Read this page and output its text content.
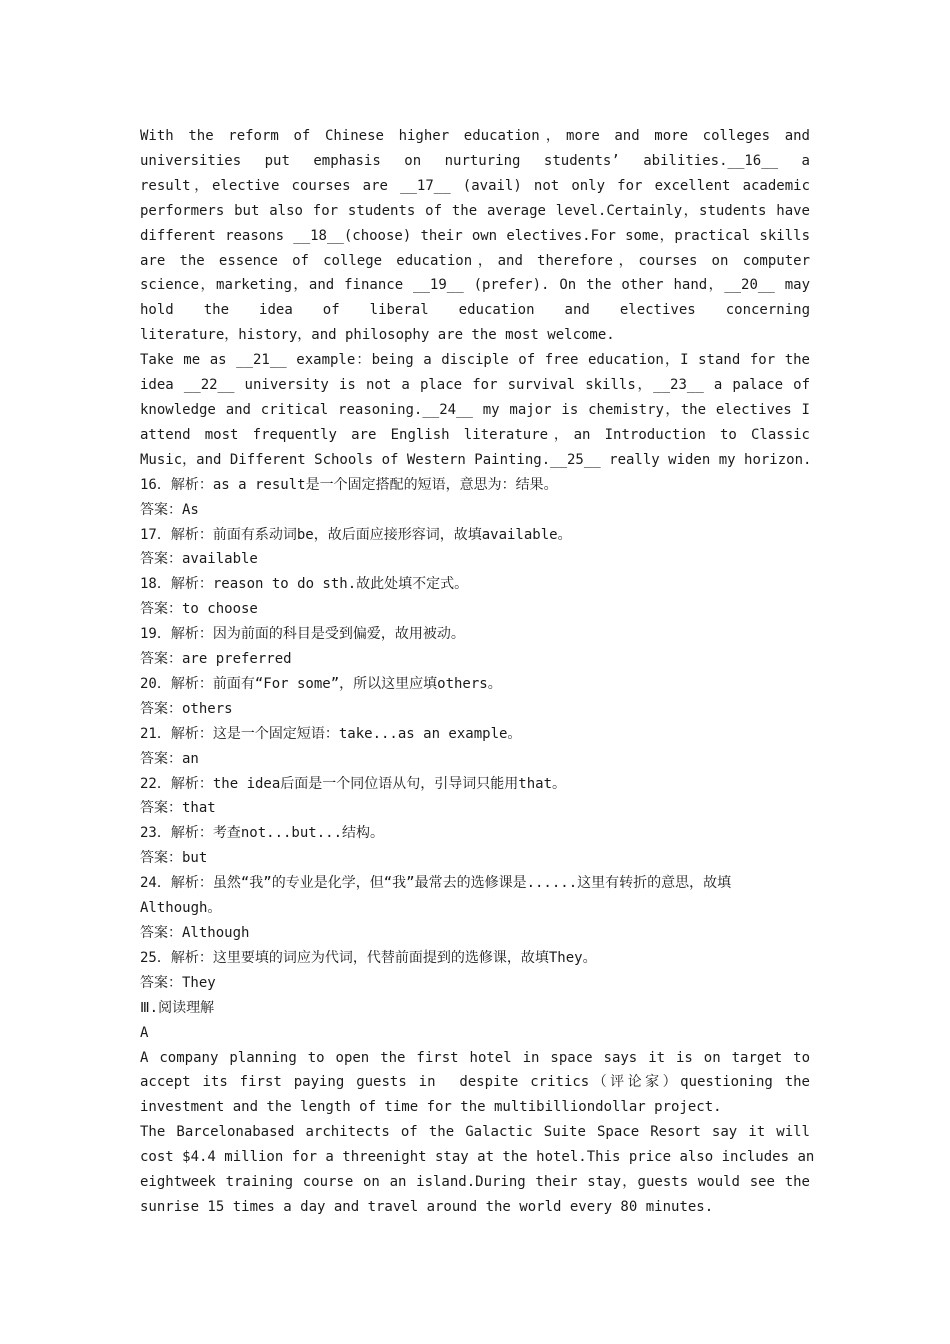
With the reform of Chinese higher education，more and more colleges and
universities put emphasis on nurturing students’ abilities.__16__ a
result，elective courses are __17__ (avail) not only for excellent academic
performers but also for students of the average level.Certainly，students have
different reasons __18__(choose) their own electives.For some，practical skills
are the essence of college education，and therefore，courses on computer
science，marketing，and finance __19__ (prefer). On the other hand，__20__ may
hold the idea of liberal education and electives concerning
literature，history，and philosophy are the most welcome.
Take me as __21__ example：being a disciple of free education，I stand for the
idea __22__ university is not a place for survival skills，__23__ a palace of
knowledge and critical reasoning.__24__ my major is chemistry，the electives I
attend most frequently are English literature，an Introduction to Classic
Music，and Different Schools of Western Painting.__25__ really widen my horizon.
16．解析：as a result是一个固定搭配的短语，意思为：结果。
答案：As
17．解析：前面有系动词be，故后面应接形容词，故填available。
答案：available
18．解析：reason to do sth.故此处填不定式。
答案：to choose
19．解析：因为前面的科目是受到偏爱，故用被动。
答案：are preferred
20．解析：前面有“For some”，所以这里应填others。
答案：others
21．解析：这是一个固定短语：take...as an example。
答案：an
22．解析：the idea后面是一个同位语从句，引导词只能用that。
答案：that
23．解析：考查not...but...结构。
答案：but
24．解析：虽然“我”的专业是化学，但“我”最常去的选修课是......这里有转折的意思，故填
Although。
答案：Although
25．解析：这里要填的词应为代词，代替前面提到的选修课，故填They。
答案：They
Ⅲ.阅读理解
A
A company planning to open the first hotel in space says it is on target to
accept its first paying guests in  despite critics（评论家）questioning the
investment and the length of time for the multibilliondollar project.
The Barcelonabased architects of the Galactic Suite Space Resort say it will
cost $4.4 million for a threenight stay at the hotel.This price also includes an
eightweek training course on an island.During their stay，guests would see the
sunrise 15 times a day and travel around the world every 80 minutes.
